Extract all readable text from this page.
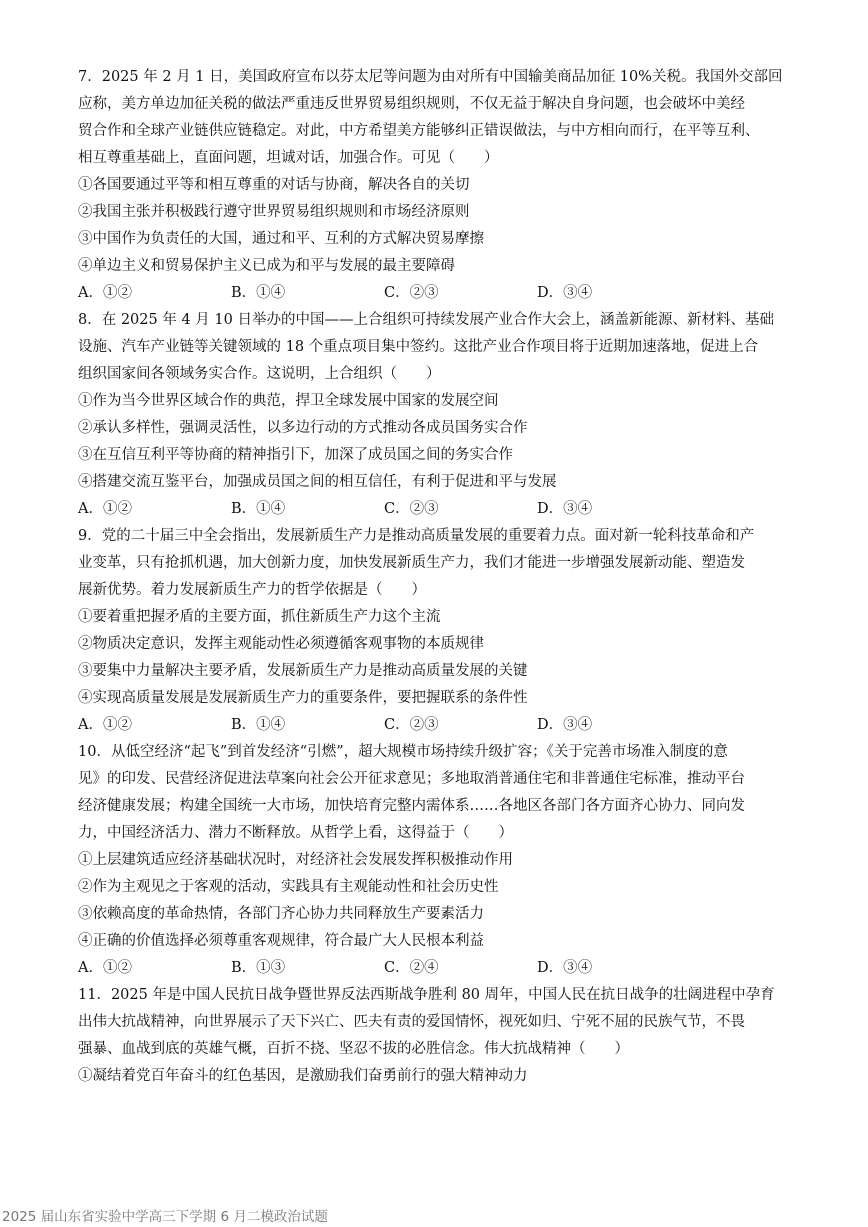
7．2025 年 2 月 1 日，美国政府宣布以芬太尼等问题为由对所有中国输美商品加征 10%关税。我国外交部回
应称，美方单边加征关税的做法严重违反世界贸易组织规则，不仅无益于解决自身问题，也会破坏中美经
贸合作和全球产业链供应链稳定。对此，中方希望美方能够纠正错误做法，与中方相向而行，在平等互利、
相互尊重基础上，直面问题，坦诚对话，加强合作。可见（　　）
①各国要通过平等和相互尊重的对话与协商，解决各自的关切
②我国主张并积极践行遵守世界贸易组织规则和市场经济原则
③中国作为负责任的大国，通过和平、互利的方式解决贸易摩擦
④单边主义和贸易保护主义已成为和平与发展的最主要障碍
A．①②	B．①④	C．②③	D．③④
8．在 2025 年 4 月 10 日举办的中国——上合组织可持续发展产业合作大会上，涵盖新能源、新材料、基础
设施、汽车产业链等关键领域的 18 个重点项目集中签约。这批产业合作项目将于近期加速落地，促进上合
组织国家间各领域务实合作。这说明，上合组织（　　）
①作为当今世界区域合作的典范，捍卫全球发展中国家的发展空间
②承认多样性，强调灵活性，以多边行动的方式推动各成员国务实合作
③在互信互利平等协商的精神指引下，加深了成员国之间的务实合作
④搭建交流互鉴平台，加强成员国之间的相互信任，有利于促进和平与发展
A．①②	B．①④	C．②③	D．③④
9．党的二十届三中全会指出，发展新质生产力是推动高质量发展的重要着力点。面对新一轮科技革命和产
业变革，只有抢抓机遇，加大创新力度，加快发展新质生产力，我们才能进一步增强发展新动能、塑造发
展新优势。着力发展新质生产力的哲学依据是（　　）
①要着重把握矛盾的主要方面，抓住新质生产力这个主流
②物质决定意识，发挥主观能动性必须遵循客观事物的本质规律
③要集中力量解决主要矛盾，发展新质生产力是推动高质量发展的关键
④实现高质量发展是发展新质生产力的重要条件，要把握联系的条件性
A．①②	B．①④	C．②③	D．③④
10．从低空经济“起飞”到首发经济“引燃”，超大规模市场持续升级扩容；《关于完善市场准入制度的意
见》的印发、民营经济促进法草案向社会公开征求意见；多地取消普通住宅和非普通住宅标准，推动平台
经济健康发展；构建全国统一大市场，加快培育完整内需体系……各地区各部门各方面齐心协力、同向发
力，中国经济活力、潜力不断释放。从哲学上看，这得益于（　　）
①上层建筑适应经济基础状况时，对经济社会发展发挥积极推动作用
②作为主观见之于客观的活动，实践具有主观能动性和社会历史性
③依赖高度的革命热情，各部门齐心协力共同释放生产要素活力
④正确的价值选择必须尊重客观规律，符合最广大人民根本利益
A．①②	B．①③	C．②④	D．③④
11．2025 年是中国人民抗日战争暨世界反法西斯战争胜利 80 周年，中国人民在抗日战争的壮阔进程中孕育
出伟大抗战精神，向世界展示了天下兴亡、匹夫有责的爱国情怀，视死如归、宁死不屈的民族气节，不畏
强暴、血战到底的英雄气概，百折不挠、坚忍不拔的必胜信念。伟大抗战精神（　　）
①凝结着党百年奋斗的红色基因，是激励我们奋勇前行的强大精神动力
2025 届山东省实验中学高三下学期 6 月二模政治试题
